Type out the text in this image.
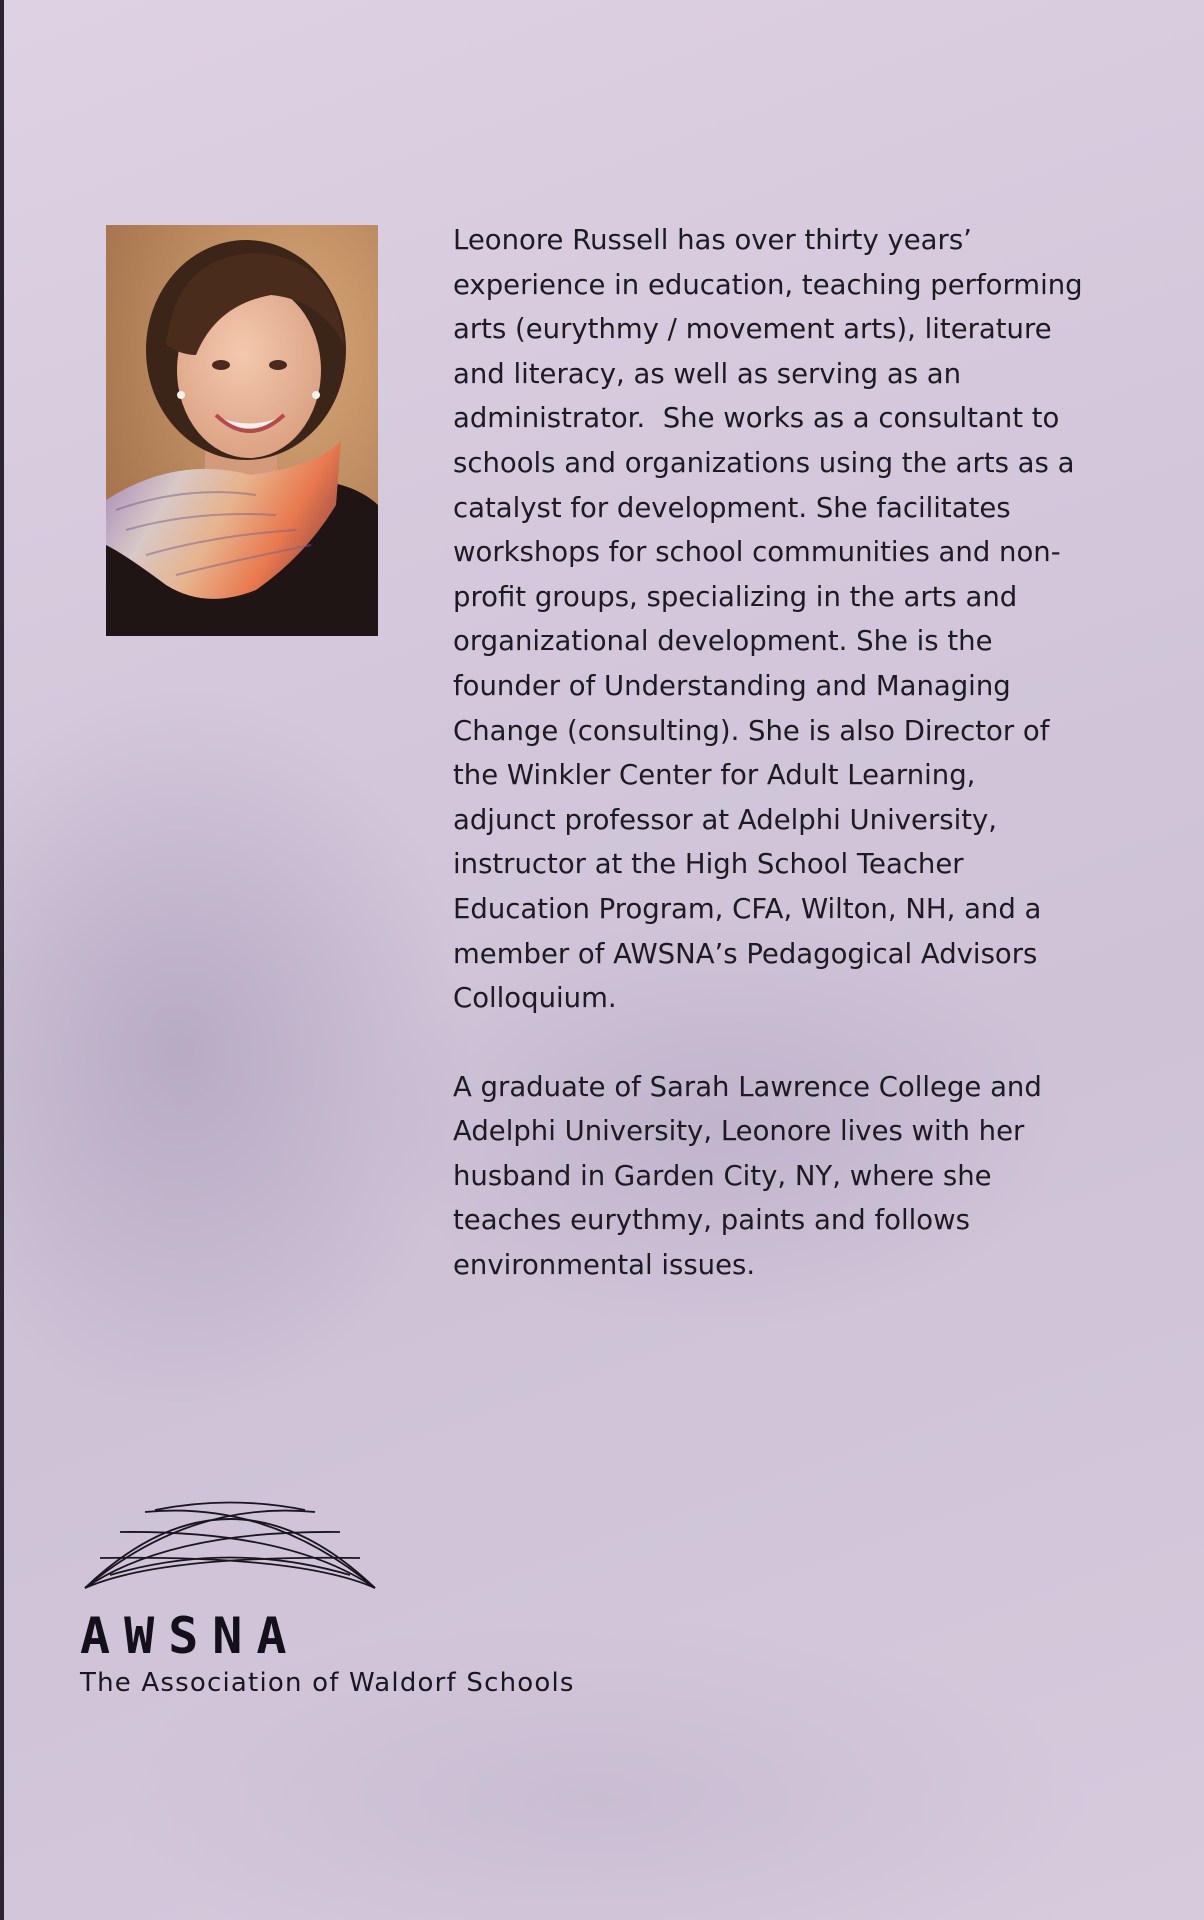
Leonore Russell has over thirty years’
experience in education, teaching performing
arts (eurythmy / movement arts), literature
and literacy, as well as serving as an
administrator.  She works as a consultant to
schools and organizations using the arts as a
catalyst for development. She facilitates
workshops for school communities and non-
profit groups, specializing in the arts and
organizational development. She is the
founder of Understanding and Managing
Change (consulting). She is also Director of
the Winkler Center for Adult Learning,
adjunct professor at Adelphi University,
instructor at the High School Teacher
Education Program, CFA, Wilton, NH, and a
member of AWSNA’s Pedagogical Advisors
Colloquium.

A graduate of Sarah Lawrence College and
Adelphi University, Leonore lives with her
husband in Garden City, NY, where she
teaches eurythmy, paints and follows
environmental issues.

AWSNA
The Association of Waldorf Schools
